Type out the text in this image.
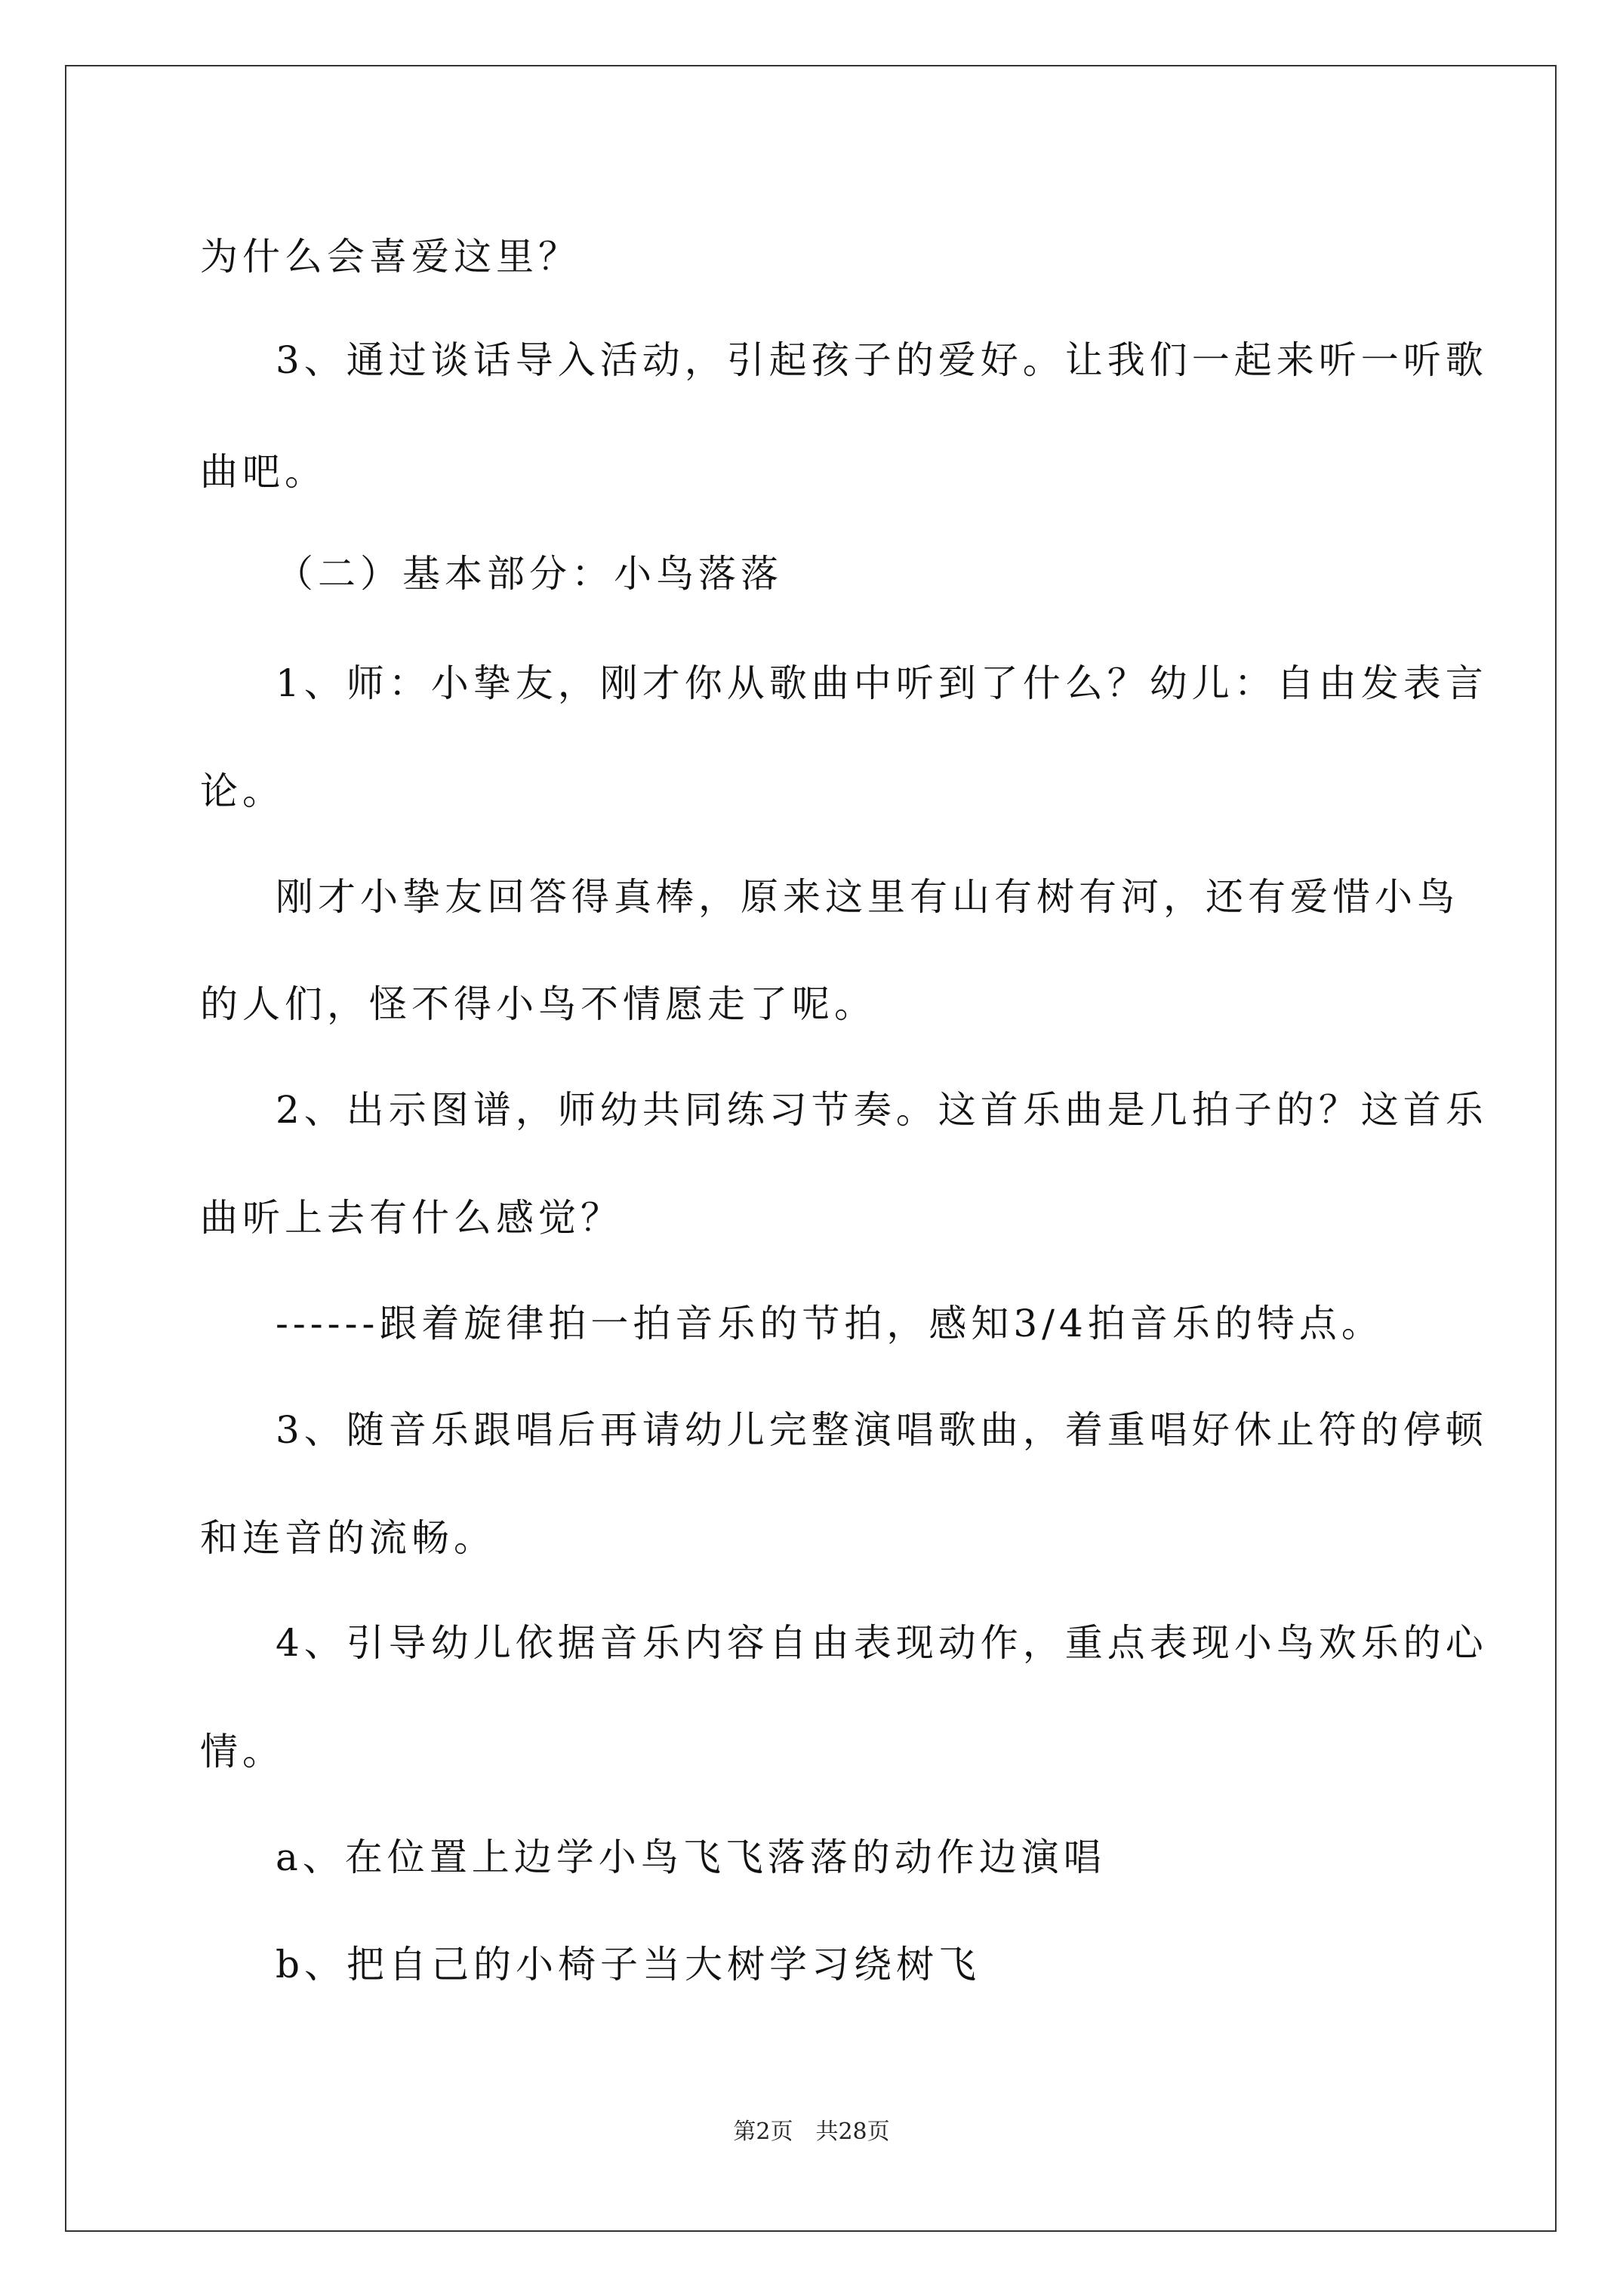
为什么会喜爱这里？
3、通过谈话导入活动，引起孩子的爱好。让我们一起来听一听歌
曲吧。
（二）基本部分：小鸟落落
1、师：小挚友，刚才你从歌曲中听到了什么？幼儿：自由发表言
论。
刚才小挚友回答得真棒，原来这里有山有树有河，还有爱惜小鸟
的人们，怪不得小鸟不情愿走了呢。
2、出示图谱，师幼共同练习节奏。这首乐曲是几拍子的？这首乐
曲听上去有什么感觉？
------跟着旋律拍一拍音乐的节拍，感知3/4拍音乐的特点。
3、随音乐跟唱后再请幼儿完整演唱歌曲，着重唱好休止符的停顿
和连音的流畅。
4、引导幼儿依据音乐内容自由表现动作，重点表现小鸟欢乐的心
情。
a、在位置上边学小鸟飞飞落落的动作边演唱
b、把自己的小椅子当大树学习绕树飞
第2页　共28页
